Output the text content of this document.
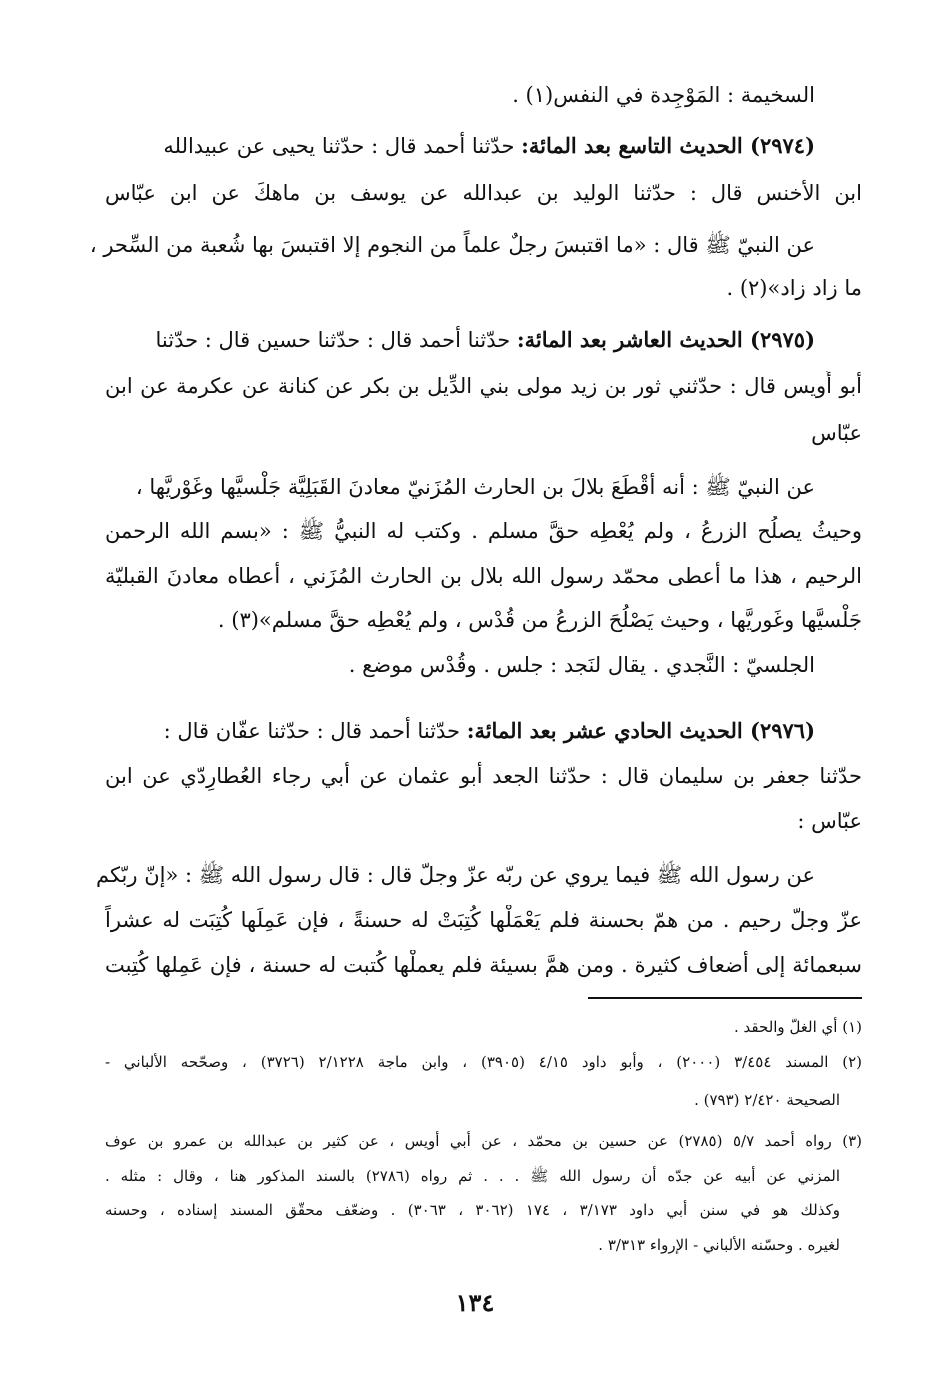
السخيمة : المَوْجِدة في النفس(١) .
(٢٩٧٤) الحديث التاسع بعد المائة: حدّثنا أحمد قال : حدّثنا يحيى عن عبيدالله
ابن الأخنس قال : حدّثنا الوليد بن عبدالله عن يوسف بن ماهكَ عن ابن عبّاس
عن النبيّ ﷺ قال : «ما اقتبسَ رجلٌ علماً من النجوم إلا اقتبسَ بها شُعبة من السِّحر ،
ما زاد زاد»(٢) .
(٢٩٧٥) الحديث العاشر بعد المائة: حدّثنا أحمد قال : حدّثنا حسين قال : حدّثنا
أبو أُويس قال : حدّثني ثور بن زيد مولى بني الدِّيل بن بكر عن كنانة عن عكرمة عن ابن
عبّاس
عن النبيّ ﷺ : أنه أقْطَعَ بلالَ بن الحارث المُزَنيّ معادنَ القَبَلِيَّة جَلْسيَّها وغَوْريَّها ،
وحيثُ يصلُح الزرعُ ، ولم يُعْطِه حقَّ مسلم . وكتب له النبيُّ ﷺ : «بسم الله الرحمن
الرحيم ، هذا ما أعطى محمّد رسول الله بلال بن الحارث المُزَني ، أعطاه معادنَ القبليّة
جَلْسيَّها وغَوريَّها ، وحيث يَصْلُحَ الزرعُ من قُدْس ، ولم يُعْطِه حقَّ مسلم»(٣) .
الجلسيّ : النَّجدي . يقال لنَجد : جلس . وقُدْس موضع .
(٢٩٧٦) الحديث الحادي عشر بعد المائة: حدّثنا أحمد قال : حدّثنا عفّان قال :
حدّثنا جعفر بن سليمان قال : حدّثنا الجعد أبو عثمان عن أبي رجاء العُطارِدّي عن ابن
عبّاس :
عن رسول الله ﷺ فيما يروي عن ربّه عزّ وجلّ قال : قال رسول الله ﷺ : «إنّ ربّكم
عزّ وجلّ رحيم . من همّ بحسنة فلم يَعْمَلْها كُتِبَتْ له حسنةً ، فإن عَمِلَها كُتِبَت له عشراً
سبعمائة إلى أضعاف كثيرة . ومن همَّ بسيئة فلم يعملْها كُتبت له حسنة ، فإن عَمِلها كُتِبت
(١) أي الغلّ والحقد .
(٢) المسند ٣/٤٥٤ (٢٠٠٠) ، وأبو داود ٤/١٥ (٣٩٠٥) ، وابن ماجة ٢/١٢٢٨ (٣٧٢٦) ، وصحّحه الألباني -
الصحيحة ٢/٤٢٠ (٧٩٣) .
(٣) رواه أحمد ٥/٧ (٢٧٨٥) عن حسين بن محمّد ، عن أبي أويس ، عن كثير بن عبدالله بن عمرو بن عوف
المزني عن أبيه عن جدّه أن رسول الله ﷺ . . . ثم رواه (٢٧٨٦) بالسند المذكور هنا ، وقال : مثله .
وكذلك هو في سنن أبي داود ٣/١٧٣ ، ١٧٤ (٣٠٦٢ ، ٣٠٦٣) . وضعّف محقّق المسند إسناده ، وحسنه
لغيره . وحسّنه الألباني - الإرواء ٣/٣١٣ .
١٣٤
